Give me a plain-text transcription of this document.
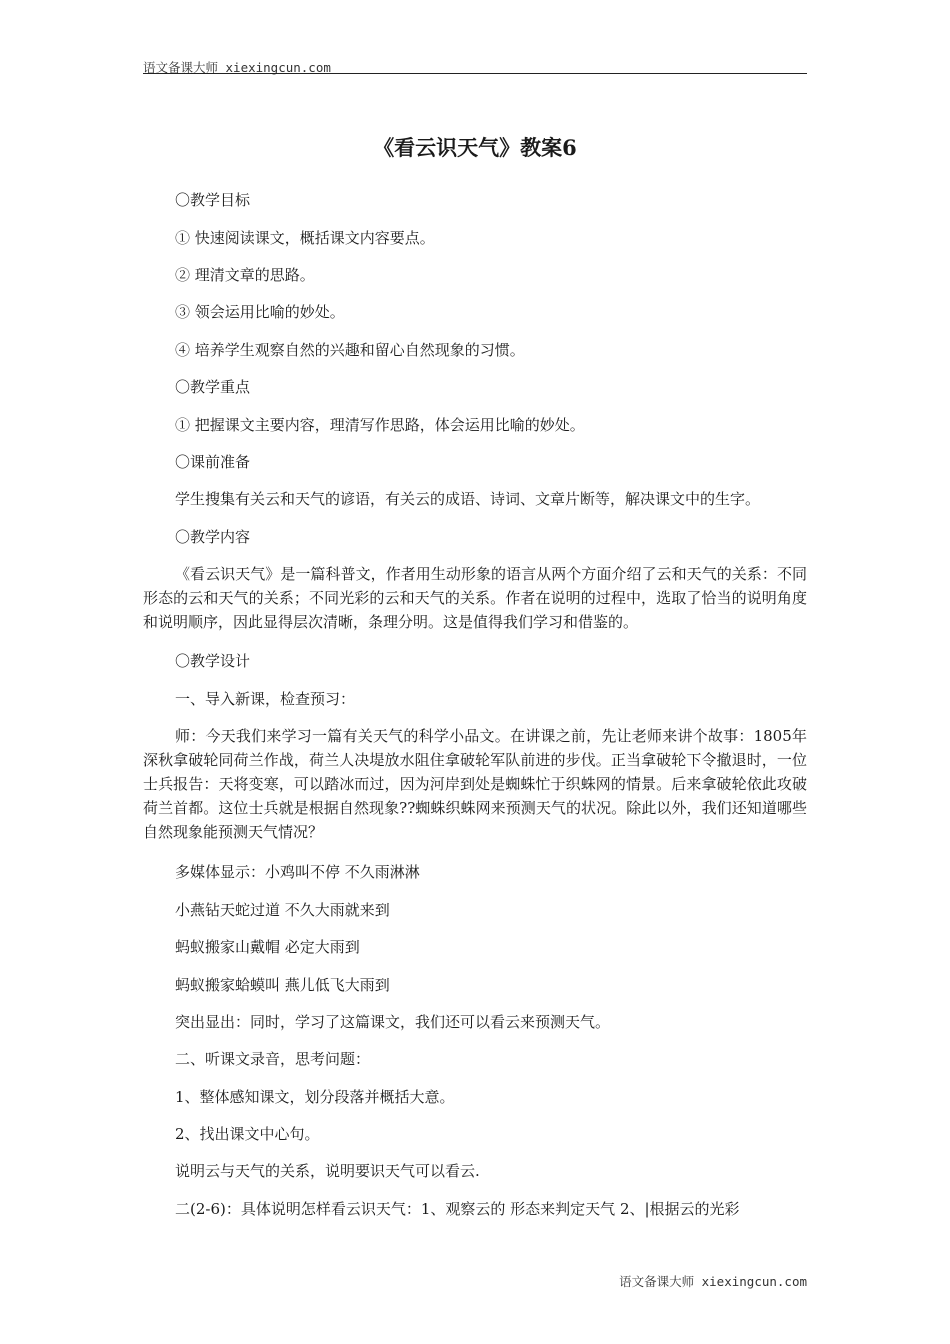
语文备课大师 xiexingcun.com
《看云识天气》教案6
〇教学目标
① 快速阅读课文，概括课文内容要点。
② 理清文章的思路。
③ 领会运用比喻的妙处。
④ 培养学生观察自然的兴趣和留心自然现象的习惯。
〇教学重点
① 把握课文主要内容，理清写作思路，体会运用比喻的妙处。
〇课前准备
学生搜集有关云和天气的谚语，有关云的成语、诗词、文章片断等，解决课文中的生字。
〇教学内容
《看云识天气》是一篇科普文，作者用生动形象的语言从两个方面介绍了云和天气的关系：不同形态的云和天气的关系；不同光彩的云和天气的关系。作者在说明的过程中，选取了恰当的说明角度和说明顺序，因此显得层次清晰，条理分明。这是值得我们学习和借鉴的。
〇教学设计
一、导入新课，检查预习：
师：今天我们来学习一篇有关天气的科学小品文。在讲课之前，先让老师来讲个故事：1805年深秋拿破轮同荷兰作战，荷兰人决堤放水阻住拿破轮军队前进的步伐。正当拿破轮下令撤退时，一位士兵报告：天将变寒，可以踏冰而过，因为河岸到处是蜘蛛忙于织蛛网的情景。后来拿破轮依此攻破荷兰首都。这位士兵就是根据自然现象??蜘蛛织蛛网来预测天气的状况。除此以外，我们还知道哪些自然现象能预测天气情况？
多媒体显示：小鸡叫不停 不久雨淋淋
小燕钻天蛇过道 不久大雨就来到
蚂蚁搬家山戴帽 必定大雨到
蚂蚁搬家蛤蟆叫 燕儿低飞大雨到
突出显出：同时，学习了这篇课文，我们还可以看云来预测天气。
二、听课文录音，思考问题：
1、整体感知课文，划分段落并概括大意。
2、找出课文中心句。
说明云与天气的关系，说明要识天气可以看云.
二(2-6)：具体说明怎样看云识天气：1、观察云的 形态来判定天气 2、|根据云的光彩
语文备课大师 xiexingcun.com
